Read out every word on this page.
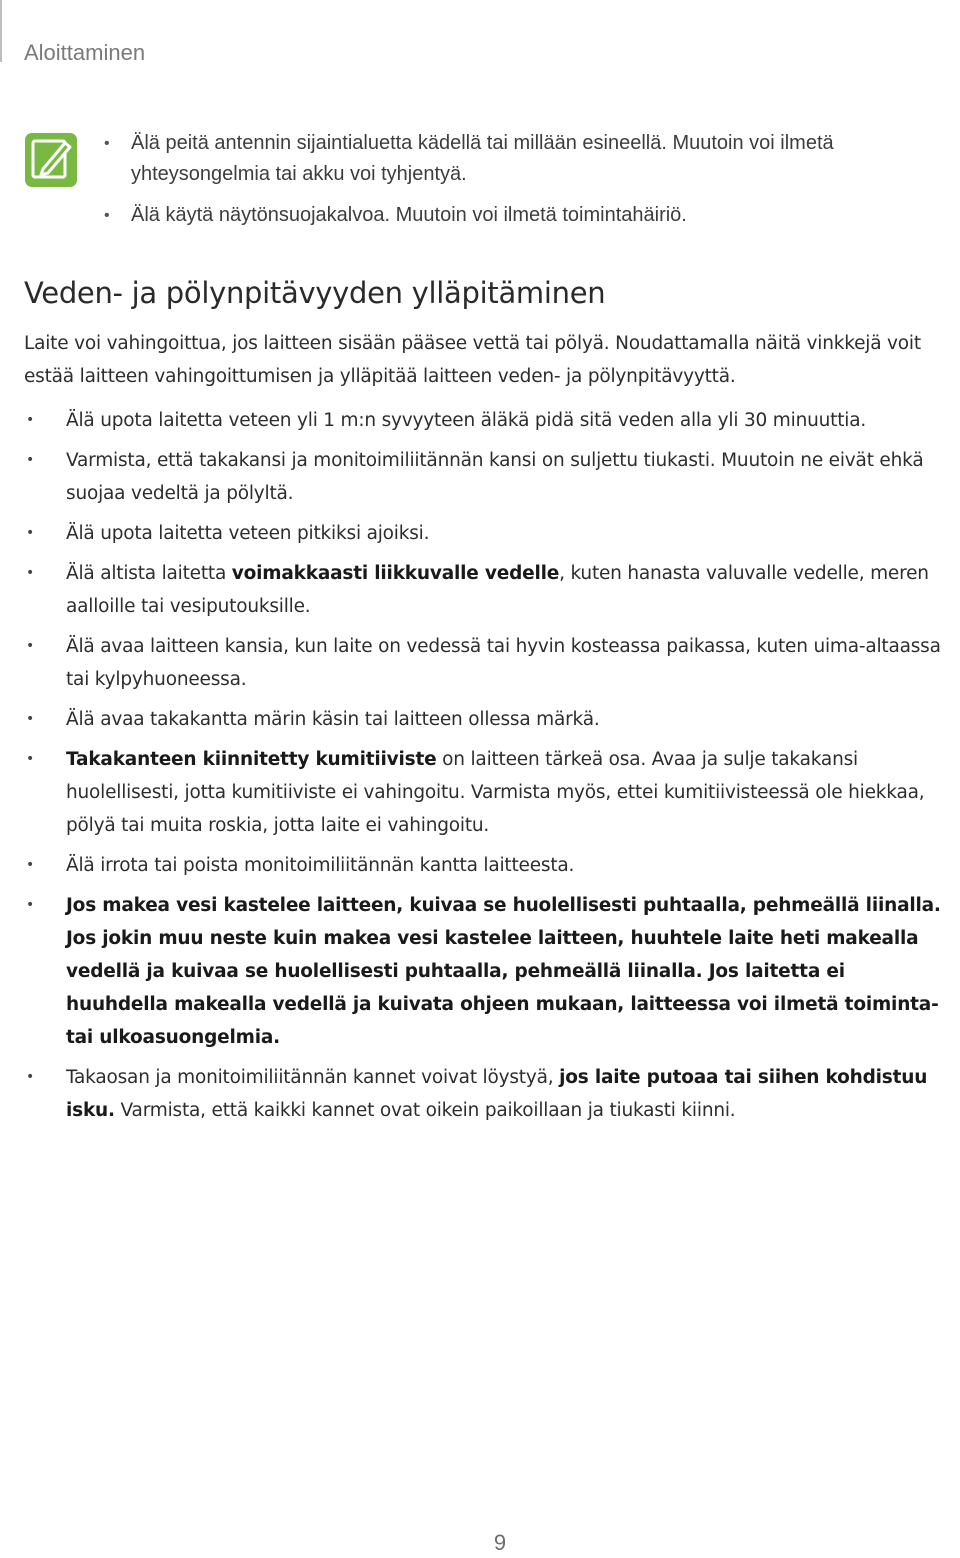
Aloittaminen
• Älä peitä antennin sijaintialuetta kädellä tai millään esineellä. Muutoin voi ilmetä yhteysongelmia tai akku voi tyhjentyä.
• Älä käytä näytönsuojakalvoa. Muutoin voi ilmetä toimintahäiriö.
Veden- ja pölynpitävyyden ylläpitäminen

Laite voi vahingoittua, jos laitteen sisään pääsee vettä tai pölyä. Noudattamalla näitä vinkkejä voit estää laitteen vahingoittumisen ja ylläpitää laitteen veden- ja pölynpitävyyttä.

• Älä upota laitetta veteen yli 1 m:n syvyyteen äläkä pidä sitä veden alla yli 30 minuuttia.
• Varmista, että takakansi ja monitoimiliitännän kansi on suljettu tiukasti. Muutoin ne eivät ehkä suojaa vedeltä ja pölyltä.
• Älä upota laitetta veteen pitkiksi ajoiksi.
• Älä altista laitetta voimakkaasti liikkuvalle vedelle, kuten hanasta valuvalle vedelle, meren aalloille tai vesiputouksille.
• Älä avaa laitteen kansia, kun laite on vedessä tai hyvin kosteassa paikassa, kuten uima-altaassa tai kylpyhuoneessa.
• Älä avaa takakantta märin käsin tai laitteen ollessa märkä.
• Takakanteen kiinnitetty kumitiiviste on laitteen tärkeä osa. Avaa ja sulje takakansi huolellisesti, jotta kumitiiviste ei vahingoitu. Varmista myös, ettei kumitiivisteessä ole hiekkaa, pölyä tai muita roskia, jotta laite ei vahingoitu.
• Älä irrota tai poista monitoimiliitännän kantta laitteesta.
• Jos makea vesi kastelee laitteen, kuivaa se huolellisesti puhtaalla, pehmeällä liinalla. Jos jokin muu neste kuin makea vesi kastelee laitteen, huuhtele laite heti makealla vedellä ja kuivaa se huolellisesti puhtaalla, pehmeällä liinalla. Jos laitetta ei huuhdella makealla vedellä ja kuivata ohjeen mukaan, laitteessa voi ilmetä toiminta- tai ulkoasuongelmia.
• Takaosan ja monitoimiliitännän kannet voivat löystyä, jos laite putoaa tai siihen kohdistuu isku. Varmista, että kaikki kannet ovat oikein paikoillaan ja tiukasti kiinni.
9
